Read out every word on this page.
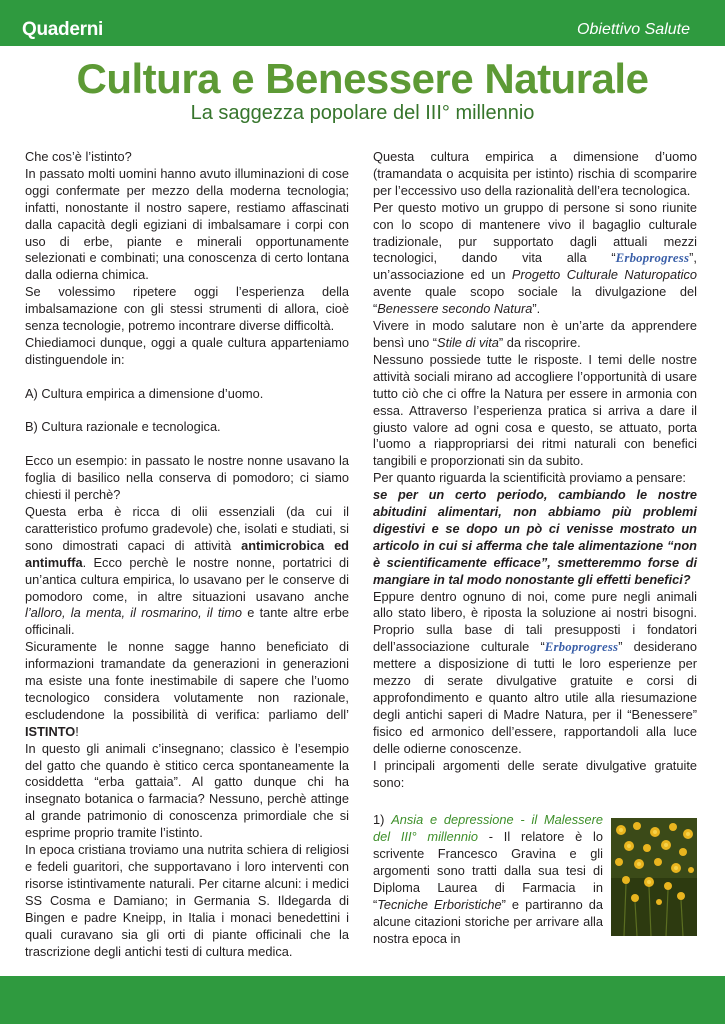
Quaderni	Obiettivo Salute
Cultura e Benessere Naturale
La saggezza popolare del III° millennio

Che cos’è l’istinto?

In passato molti uomini hanno avuto illuminazioni di cose oggi confermate per mezzo della moderna tecnologia; infatti, nonostante il nostro sapere, restiamo affascinati dalla capacità degli egiziani di imbalsamare i corpi con uso di erbe, piante e minerali opportunamente selezionati e combinati; una conoscenza di certo lontana dalla odierna chimica.

Se volessimo ripetere oggi l’esperienza della imbalsamazione con gli stessi strumenti di allora, cioè senza tecnologie, potremo incontrare diverse difficoltà.

Chiediamoci dunque, oggi a quale cultura apparteniamo distinguendole in:

A) Cultura empirica a dimensione d’uomo.

B) Cultura razionale e tecnologica.

Ecco un esempio: in passato le nostre nonne usavano la foglia di basilico nella conserva di pomodoro; ci siamo chiesti il perchè?

Questa erba è ricca di olii essenziali (da cui il caratteristico profumo gradevole) che, isolati e studiati, si sono dimostrati capaci di attività antimicrobica ed antimuffa. Ecco perchè le nostre nonne, portatrici di un’antica cultura empirica, lo usavano per le conserve di pomodoro come, in altre situazioni usavano anche l’alloro, la menta, il rosmarino, il timo e tante altre erbe officinali.

Sicuramente le nonne sagge hanno beneficiato di informazioni tramandate da generazioni in generazioni ma esiste una fonte inestimabile di sapere che l’uomo tecnologico considera volutamente non razionale, escludendone la possibilità di verifica: parliamo dell’ ISTINTO!

In questo gli animali c’insegnano; classico è l’esempio del gatto che quando è stitico cerca spontaneamente la cosiddetta “erba gattaia”. Al gatto dunque chi ha insegnato botanica o farmacia? Nessuno, perchè attinge al grande patrimonio di conoscenza primordiale che si esprime proprio tramite l’istinto.

In epoca cristiana troviamo una nutrita schiera di religiosi e fedeli guaritori, che supportavano i loro interventi con risorse istintivamente naturali. Per citarne alcuni: i medici SS Cosma e Damiano; in Germania S. Ildegarda di Bingen e padre Kneipp, in Italia i monaci benedettini i quali curavano sia gli orti di piante officinali che la trascrizione degli antichi testi di cultura medica.

Questa cultura empirica a dimensione d’uomo (tramandata o acquisita per istinto) rischia di scomparire per l’eccessivo uso della razionalità dell’era tecnologica.

Per questo motivo un gruppo di persone si sono riunite con lo scopo di mantenere vivo il bagaglio culturale tradizionale, pur supportato dagli attuali mezzi tecnologici, dando vita alla “Erboprogress”, un’associazione ed un Progetto Culturale Naturopatico avente quale scopo sociale la divulgazione del “Benessere secondo Natura”.

Vivere in modo salutare non è un’arte da apprendere bensì uno “Stile di vita” da riscoprire.

Nessuno possiede tutte le risposte. I temi delle nostre attività sociali mirano ad accogliere l’opportunità di usare tutto ciò che ci offre la Natura per essere in armonia con essa. Attraverso l’esperienza pratica si arriva a dare il giusto valore ad ogni cosa e questo, se attuato, porta l’uomo a riappropriarsi dei ritmi naturali con benefici tangibili e proporzionati sin da subito.

Per quanto riguarda la scientificità proviamo a pensare:

se per un certo periodo, cambiando le nostre abitudini alimentari, non abbiamo più problemi digestivi e se dopo un pò ci venisse mostrato un articolo in cui si afferma che tale alimentazione “non è scientificamente efficace”, smetteremmo forse di mangiare in tal modo nonostante gli effetti benefici?

Eppure dentro ognuno di noi, come pure negli animali allo stato libero, è riposta la soluzione ai nostri bisogni. Proprio sulla base di tali presupposti i fondatori dell’associazione culturale “Erboprogress” desiderano mettere a disposizione di tutti le loro esperienze per mezzo di serate divulgative gratuite e corsi di approfondimento e quanto altro utile alla riesumazione degli antichi saperi di Madre Natura, per il “Benessere” fisico ed armonico dell’essere, rapportandoli alla luce delle odierne conoscenze.

I principali argomenti delle serate divulgative gratuite sono:

1) Ansia e depressione - il Malessere del III° millennio - Il relatore è lo scrivente Francesco Gravina e gli argomenti sono tratti dalla sua tesi di Diploma Laurea di Farmacia in “Tecniche Erboristiche” e partiranno da alcune citazioni storiche per arrivare alla nostra epoca in
